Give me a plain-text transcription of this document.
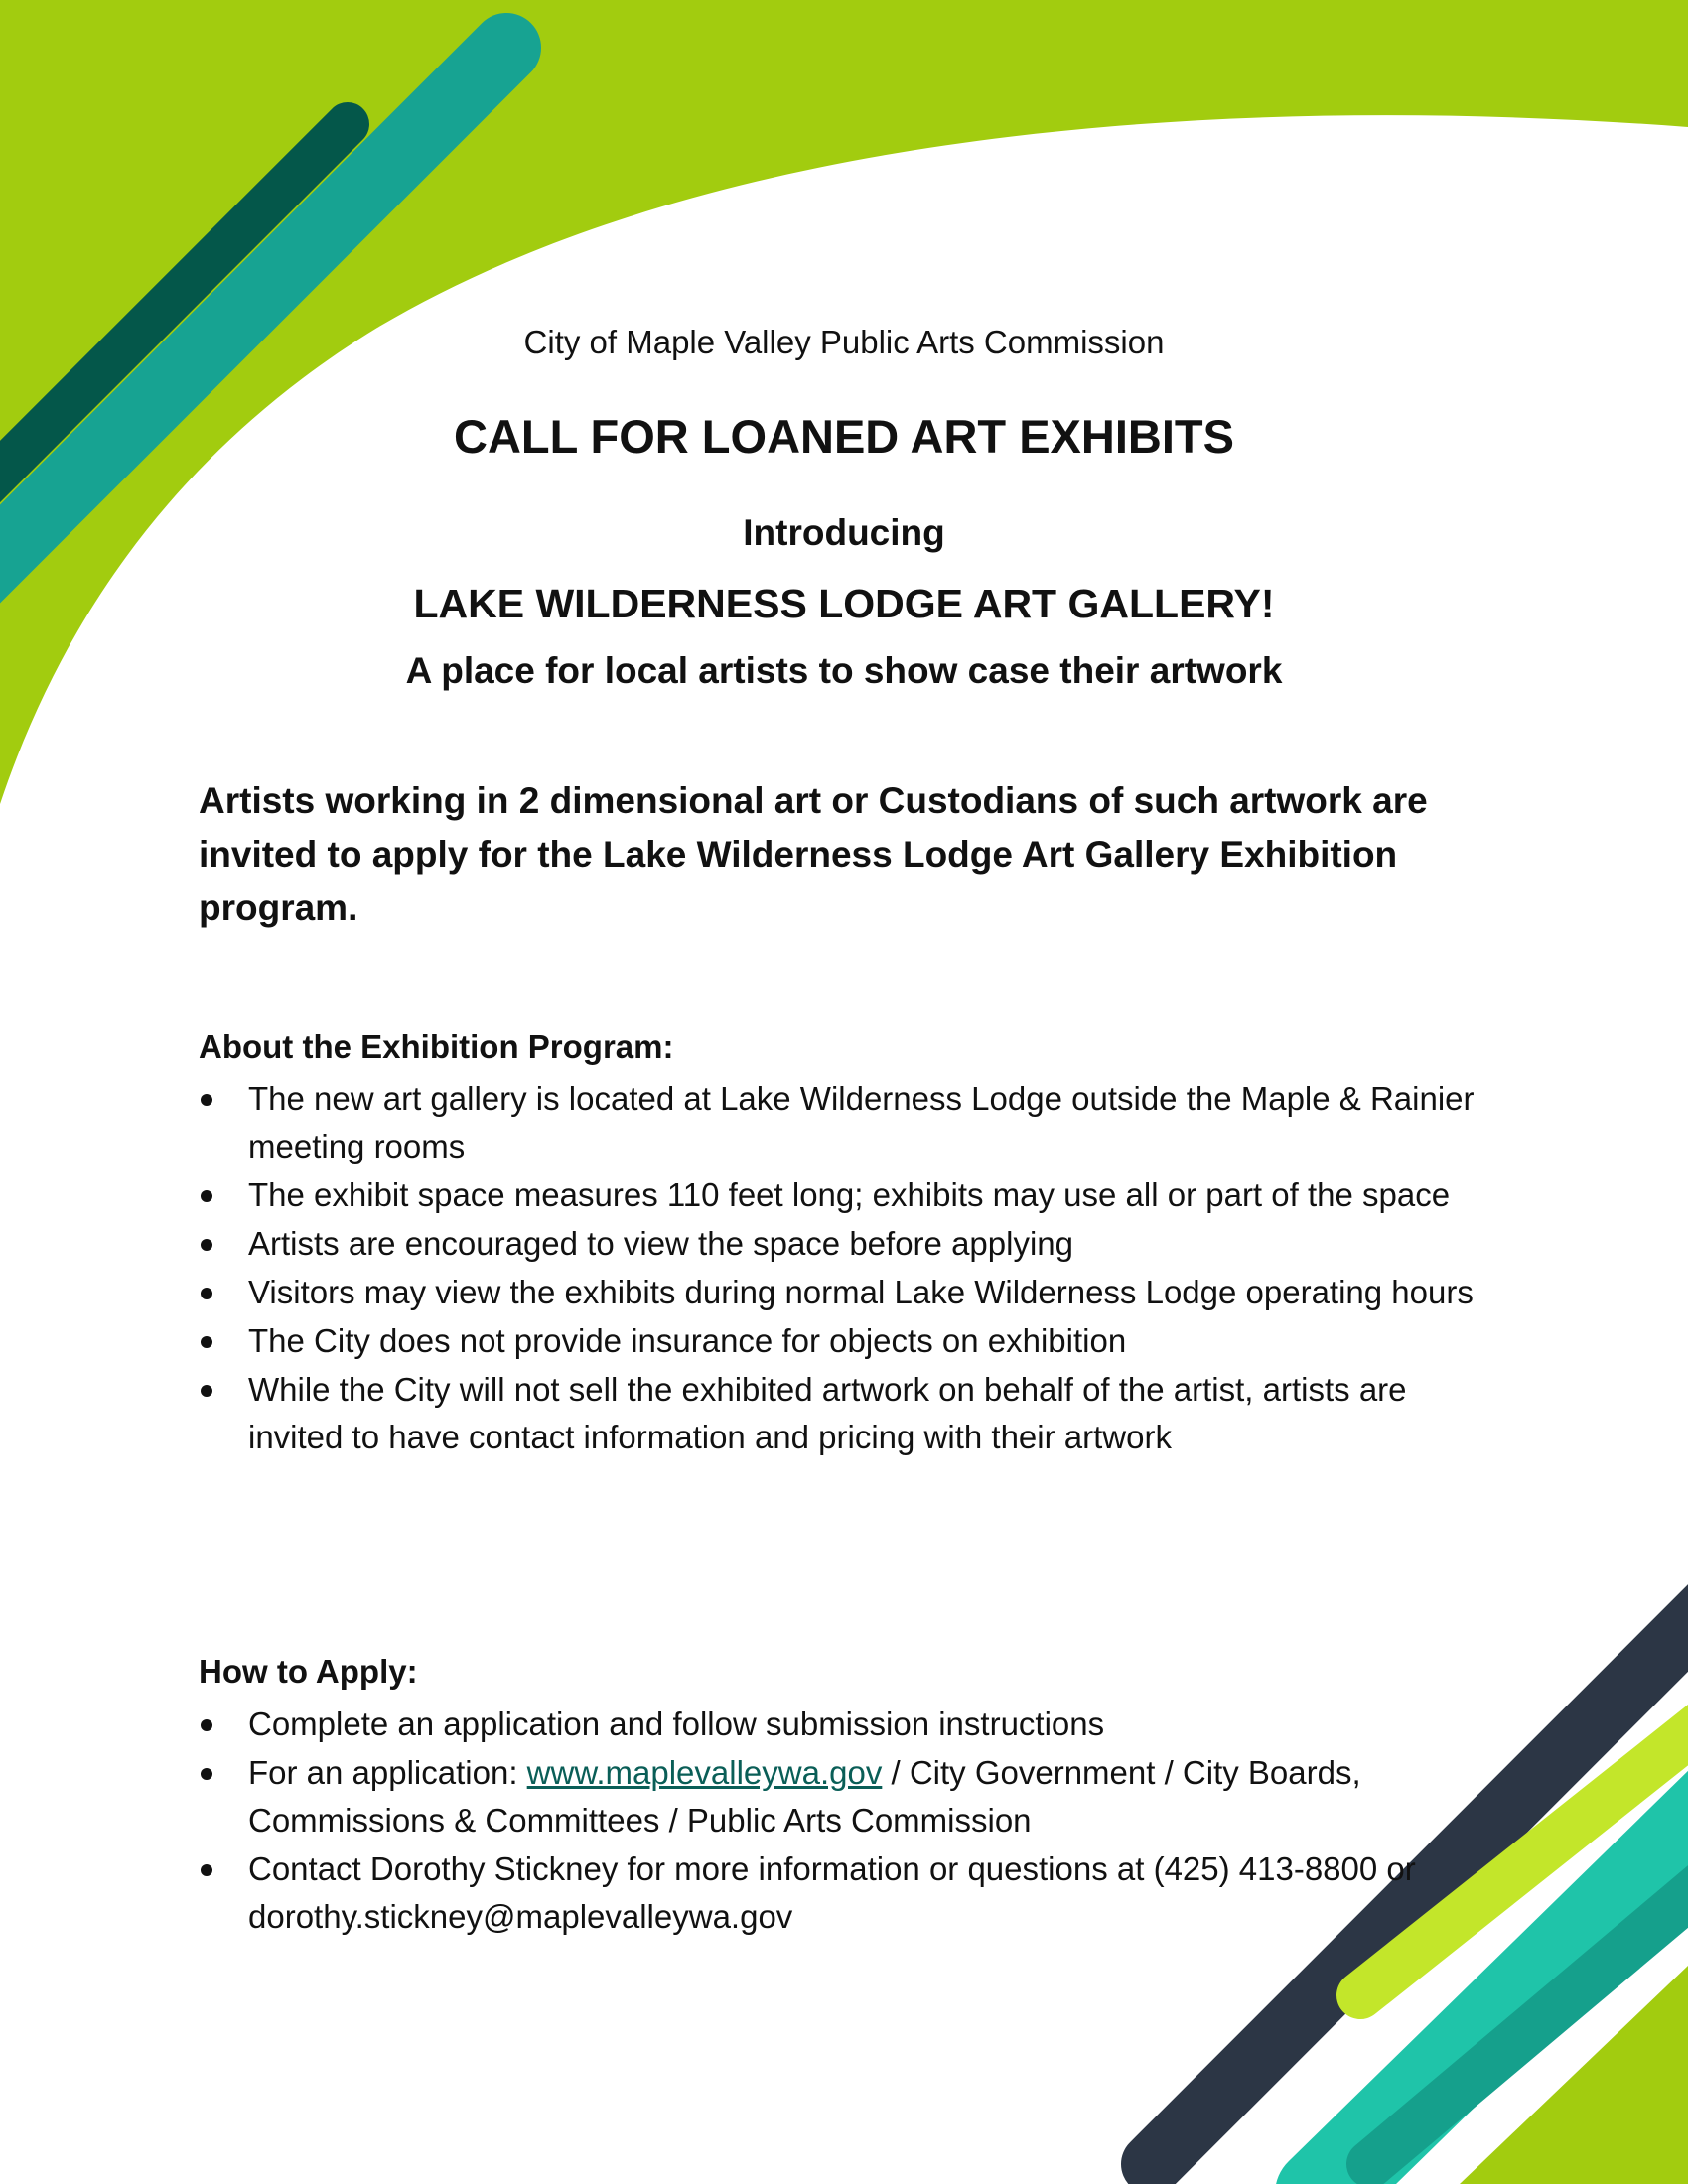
City of Maple Valley Public Arts Commission
CALL FOR LOANED ART EXHIBITS
Introducing
LAKE WILDERNESS LODGE ART GALLERY!
A place for local artists to show case their artwork

Artists working in 2 dimensional art or Custodians of such artwork are invited to apply for the Lake Wilderness Lodge Art Gallery Exhibition program.

About the Exhibition Program:
The new art gallery is located at Lake Wilderness Lodge outside the Maple & Rainier meeting rooms
The exhibit space measures 110 feet long; exhibits may use all or part of the space
Artists are encouraged to view the space before applying
Visitors may view the exhibits during normal Lake Wilderness Lodge operating hours
The City does not provide insurance for objects on exhibition
While the City will not sell the exhibited artwork on behalf of the artist, artists are invited to have contact information and pricing with their artwork
How to Apply:
Complete an application and follow submission instructions
For an application: www.maplevalleywa.gov / City Government / City Boards, Commissions & Committees / Public Arts Commission
Contact Dorothy Stickney for more information or questions at (425) 413-8800 or dorothy.stickney@maplevalleywa.gov
